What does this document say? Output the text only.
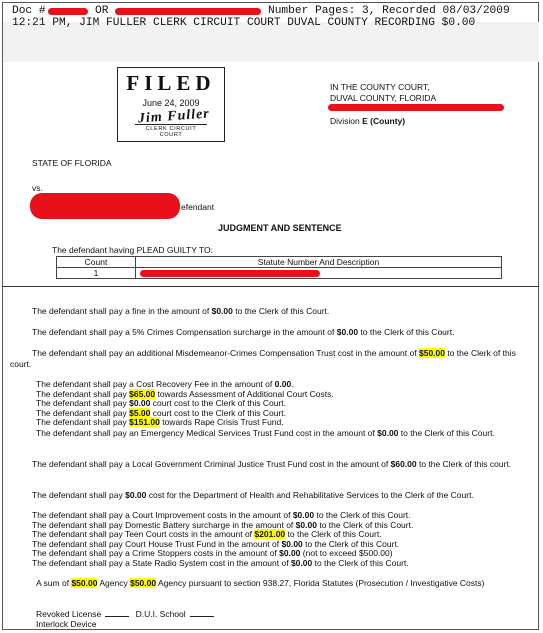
Doc #	OR	Number Pages: 3, Recorded 08/03/2009
12:21 PM, JIM FULLER CLERK CIRCUIT COURT DUVAL COUNTY RECORDING $0.00
FILED
June 24, 2009
Jim Fuller
CLERK CIRCUIT COURT
IN THE COUNTY COURT,
DUVAL COUNTY, FLORIDA
Division E (County)
STATE OF FLORIDA
vs.
efendant
JUDGMENT AND SENTENCE
The defendant having PLEAD GUILTY TO:
Count	Statute Number And Description
1	
The defendant shall pay a fine in the amount of $0.00 to the Clerk of this Court.
The defendant shall pay a 5% Crimes Compensation surcharge in the amount of $0.00 to the Clerk of this Court.
The defendant shall pay an additional Misdemeanor-Crimes Compensation Trust cost in the amount of $50.00 to the Clerk of this court.
The defendant shall pay a Cost Recovery Fee in the amount of 0.00.
The defendant shall pay $65.00 towards Assessment of Additional Court Costs.
The defendant shall pay $0.00 court cost to the Clerk of this Court.
The defendant shall pay $5.00 court cost to the Clerk of this Court.
The defendant shall pay $151.00 towards Rape Crisis Trust Fund.
The defendant shall pay an Emergency Medical Services Trust Fund cost in the amount of $0.00 to the Clerk of this Court.
The defendant shall pay a Local Government Criminal Justice Trust Fund cost in the amount of $60.00 to the Clerk of this court.
The defendant shall pay $0.00 cost for the Department of Health and Rehabilitative Services to the Clerk of the Court.
The defendant shall pay a Court Improvement costs in the amount of $0.00 to the Clerk of this Court.
The defendant shall pay Domestic Battery surcharge in the amount of $0.00 to the Clerk of this Court.
The defendant shall pay Teen Court costs in the amount of $201.00 to the Clerk of this Court.
The defendant shall pay Court House Trust Fund in the amount of $0.00 to the Clerk of this Court.
The defendant shall pay a Crime Stoppers costs in the amount of $0.00 (not to exceed $500.00)
The defendant shall pay a State Radio System cost in the amount of $0.00 to the Clerk of this Court.
A sum of $50.00 Agency $50.00 Agency pursuant to section 938.27, Florida Statutes (Prosecution / Investigative Costs)
Revoked License	D.U.I. School
Interlock Device
